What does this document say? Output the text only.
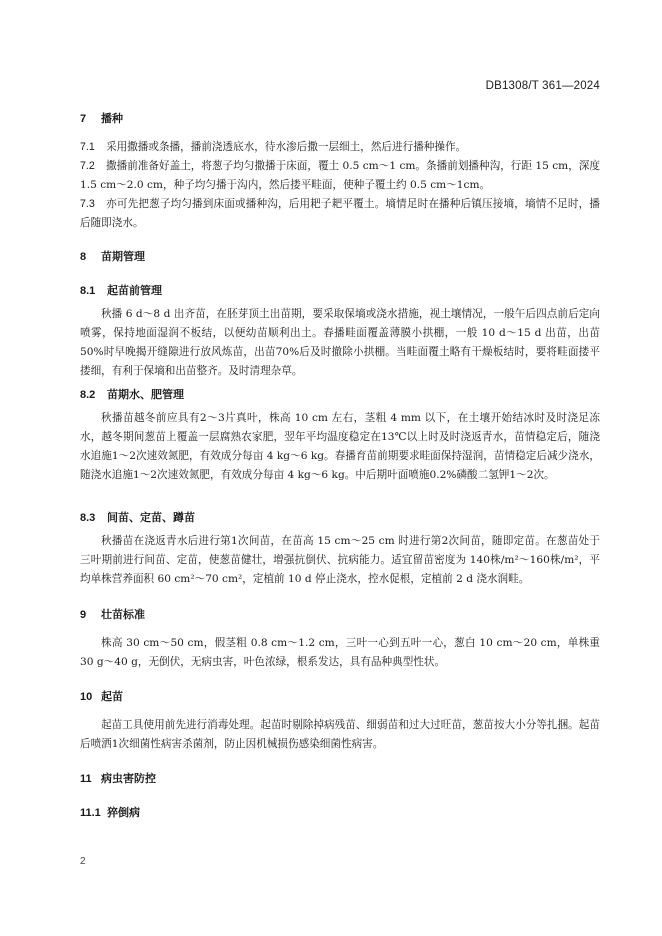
DB1308/T 361—2024
7 播种
7.1 采用撒播或条播，播前浇透底水，待水渗后撒一层细土，然后进行播种操作。
7.2 撒播前准备好盖土，将葱子均匀撒播于床面，覆土 0.5 cm～1 cm。条播前划播种沟，行距 15 cm，深度 1.5 cm～2.0 cm，种子均匀播于沟内，然后搂平畦面，使种子覆土约 0.5 cm～1cm。
7.3 亦可先把葱子均匀播到床面或播种沟，后用耙子耙平覆土。墒情足时在播种后镇压接墒，墒情不足时，播后随即浇水。
8 苗期管理
8.1 起苗前管理
秋播 6 d～8 d 出齐苗，在胚芽顶土出苗期，要采取保墒或浇水措施，视土壤情况，一般午后四点前后定向喷雾，保持地面湿润不板结，以便幼苗顺利出土。春播畦面覆盖薄膜小拱棚，一般 10 d～15 d 出苗，出苗50%时早晚揭开缝隙进行放风炼苗，出苗70%后及时撤除小拱棚。当畦面覆土略有干燥板结时，要将畦面搂平搂细，有利于保墒和出苗整齐。及时清理杂草。
8.2 苗期水、肥管理
秋播苗越冬前应具有2～3片真叶，株高 10 cm 左右，茎粗 4 mm 以下，在土壤开始结冰时及时浇足冻水，越冬期间葱苗上覆盖一层腐熟农家肥，翌年平均温度稳定在13℃以上时及时浇返青水，苗情稳定后，随浇水追施1～2次速效氮肥，有效成分每亩 4 kg～6 kg。春播育苗前期要求畦面保持湿润，苗情稳定后减少浇水，随浇水追施1～2次速效氮肥，有效成分每亩 4 kg～6 kg。中后期叶面喷施0.2%磷酸二氢钾1～2次。
8.3 间苗、定苗、蹲苗
秋播苗在浇返青水后进行第1次间苗，在苗高 15 cm～25 cm 时进行第2次间苗，随即定苗。在葱苗处于三叶期前进行间苗、定苗，使葱苗健壮，增强抗倒伏、抗病能力。适宜留苗密度为 140株/m²～160株/m²，平均单株营养面积 60 cm²～70 cm²，定植前 10 d 停止浇水，控水促根，定植前 2 d 浇水润畦。
9 壮苗标准
株高 30 cm～50 cm，假茎粗 0.8 cm～1.2 cm，三叶一心到五叶一心，葱白 10 cm～20 cm，单株重 30 g～40 g，无倒伏，无病虫害，叶色浓绿，根系发达，具有品种典型性状。
10 起苗
起苗工具使用前先进行消毒处理。起苗时剔除掉病残苗、细弱苗和过大过旺苗，葱苗按大小分等扎捆。起苗后喷洒1次细菌性病害杀菌剂，防止因机械损伤感染细菌性病害。
11 病虫害防控
11.1 猝倒病
2
